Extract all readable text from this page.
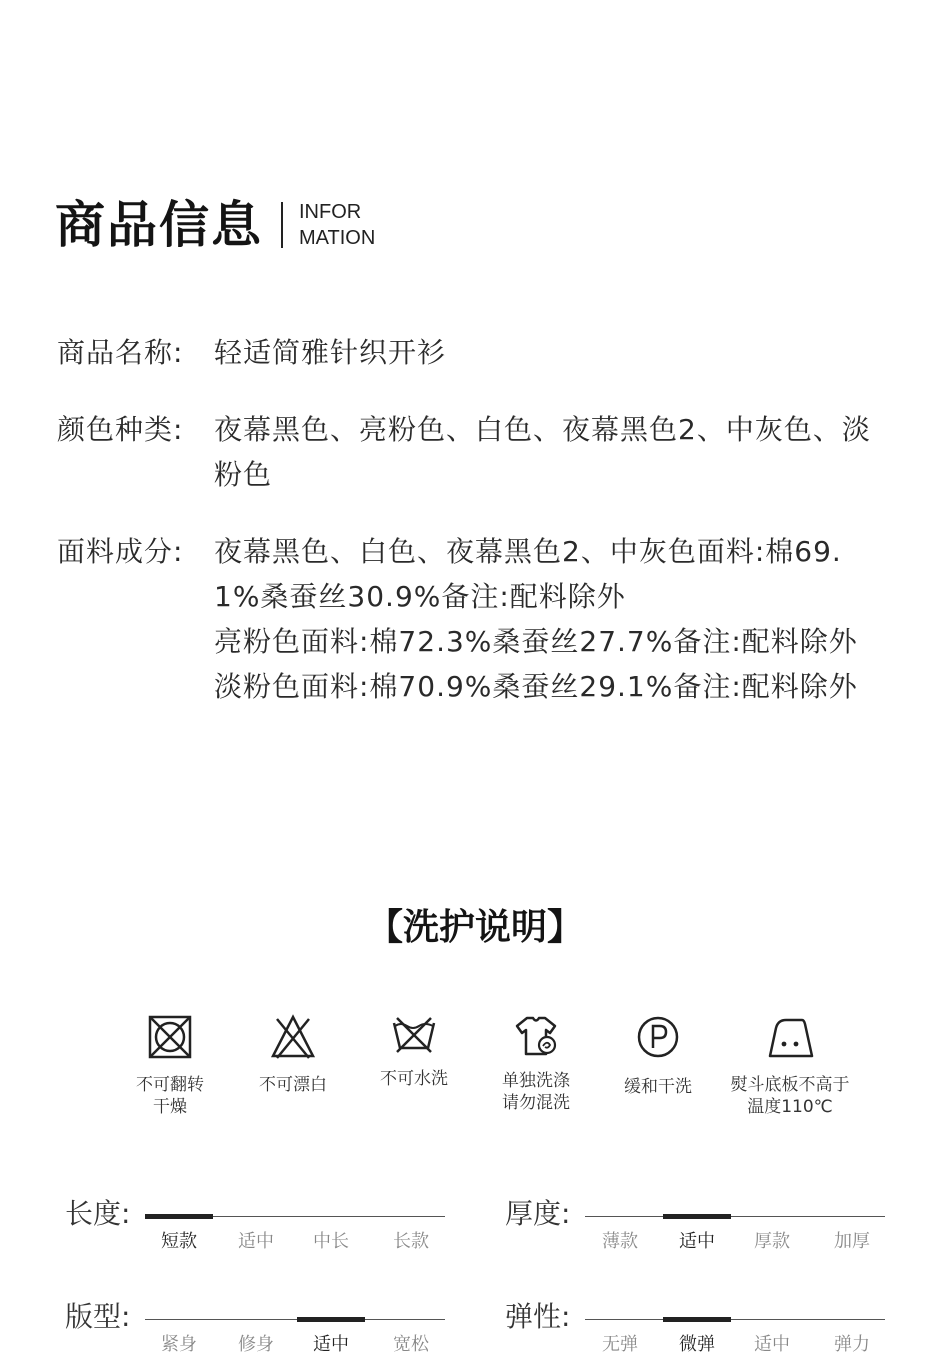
商品信息 INFOR
MATION
商品名称:	轻适简雅针织开衫
颜色种类:	夜幕黑色、亮粉色、白色、夜幕黑色2、中灰色、淡粉色
面料成分:	夜幕黑色、白色、夜幕黑色2、中灰色面料:棉69.1%桑蚕丝30.9%备注:配料除外
亮粉色面料:棉72.3%桑蚕丝27.7%备注:配料除外
淡粉色面料:棉70.9%桑蚕丝29.1%备注:配料除外
【洗护说明】
不可翻转
干燥
不可漂白	不可水洗	单独洗涤
请勿混洗
缓和干洗	熨斗底板不高于
温度110℃
长度:
短款	适中	中长	长款
厚度:
薄款	适中	厚款	加厚
版型:
紧身	修身	适中	宽松
弹性:
无弹	微弹	适中	弹力
